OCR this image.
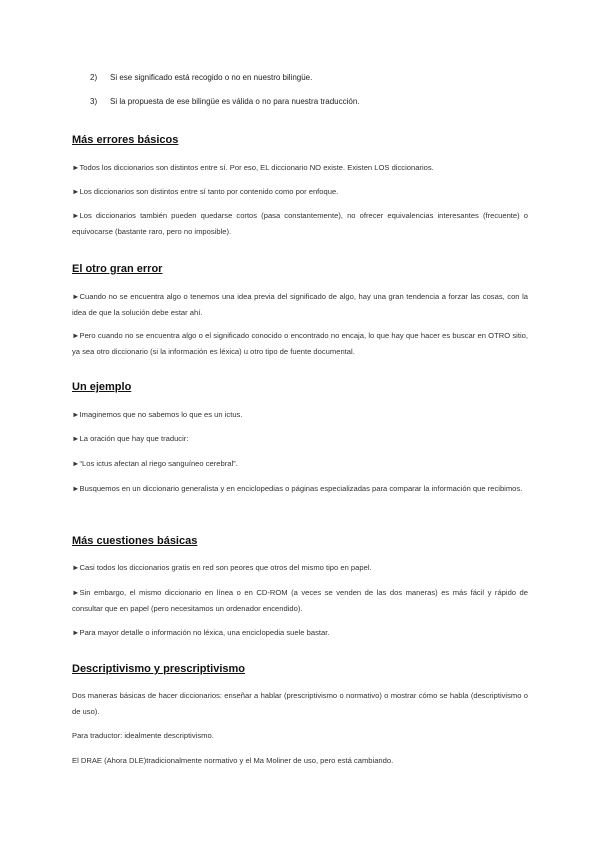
2) Si ese significado está recogido o no en nuestro bilingüe.
3) Si la propuesta de ese bilingüe es válida o no para nuestra traducción.
Más errores básicos

►Todos los diccionarios son distintos entre sí. Por eso, EL diccionario NO existe. Existen LOS diccionarios.

►Los diccionarios son distintos entre sí tanto por contenido como por enfoque.

►Los diccionarios también pueden quedarse cortos (pasa constantemente), no ofrecer equivalencias interesantes (frecuente) o equivocarse (bastante raro, pero no imposible).

El otro gran error

►Cuando no se encuentra algo o tenemos una idea previa del significado de algo, hay una gran tendencia a forzar las cosas, con la idea de que la solución debe estar ahí.

►Pero cuando no se encuentra algo o el significado conocido o encontrado no encaja, lo que hay que hacer es buscar en OTRO sitio, ya sea otro diccionario (si la información es léxica) u otro tipo de fuente documental.

Un ejemplo

►Imaginemos que no sabemos lo que es un ictus.

►La oración que hay que traducir:

►“Los ictus afectan al riego sanguíneo cerebral”.

►Busquemos en un diccionario generalista y en enciclopedias o páginas especializadas para comparar la información que recibimos.

Más cuestiones básicas

►Casi todos los diccionarios gratis en red son peores que otros del mismo tipo en papel.

►Sin embargo, el mismo diccionario en línea o en CD-ROM (a veces se venden de las dos maneras) es más fácil y rápido de consultar que en papel (pero necesitamos un ordenador encendido).

►Para mayor detalle o información no léxica, una enciclopedia suele bastar.

Descriptivismo y prescriptivismo

Dos maneras básicas de hacer diccionarios: enseñar a hablar (prescriptivismo o normativo) o mostrar cómo se habla (descriptivismo o de uso).

Para traductor: idealmente descriptivismo.

El DRAE (Ahora DLE)tradicionalmente normativo y el Ma Moliner de uso, pero está cambiando.
